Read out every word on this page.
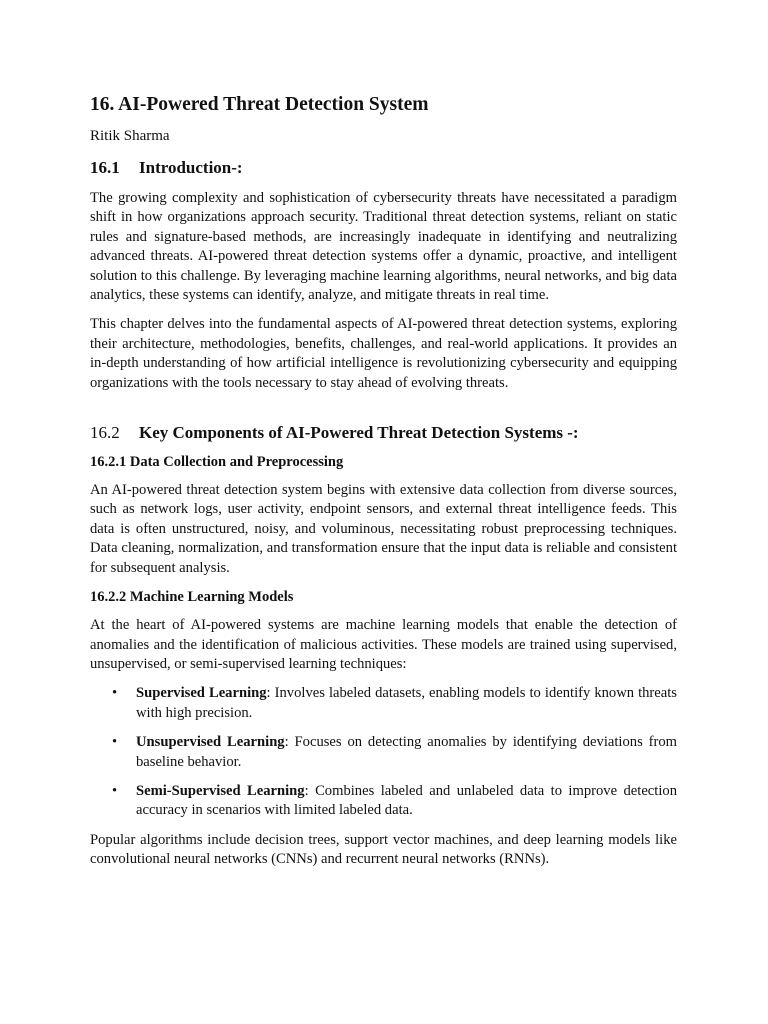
16. AI-Powered Threat Detection System
Ritik Sharma
16.1 Introduction-:

The growing complexity and sophistication of cybersecurity threats have necessitated a paradigm shift in how organizations approach security. Traditional threat detection systems, reliant on static rules and signature-based methods, are increasingly inadequate in identifying and neutralizing advanced threats. AI-powered threat detection systems offer a dynamic, proactive, and intelligent solution to this challenge. By leveraging machine learning algorithms, neural networks, and big data analytics, these systems can identify, analyze, and mitigate threats in real time.

This chapter delves into the fundamental aspects of AI-powered threat detection systems, exploring their architecture, methodologies, benefits, challenges, and real-world applications. It provides an in-depth understanding of how artificial intelligence is revolutionizing cybersecurity and equipping organizations with the tools necessary to stay ahead of evolving threats.

16.2 Key Components of AI-Powered Threat Detection Systems -:
16.2.1 Data Collection and Preprocessing

An AI-powered threat detection system begins with extensive data collection from diverse sources, such as network logs, user activity, endpoint sensors, and external threat intelligence feeds. This data is often unstructured, noisy, and voluminous, necessitating robust preprocessing techniques. Data cleaning, normalization, and transformation ensure that the input data is reliable and consistent for subsequent analysis.

16.2.2 Machine Learning Models

At the heart of AI-powered systems are machine learning models that enable the detection of anomalies and the identification of malicious activities. These models are trained using supervised, unsupervised, or semi-supervised learning techniques:

• Supervised Learning: Involves labeled datasets, enabling models to identify known threats with high precision.
• Unsupervised Learning: Focuses on detecting anomalies by identifying deviations from baseline behavior.
• Semi-Supervised Learning: Combines labeled and unlabeled data to improve detection accuracy in scenarios with limited labeled data.

Popular algorithms include decision trees, support vector machines, and deep learning models like convolutional neural networks (CNNs) and recurrent neural networks (RNNs).
